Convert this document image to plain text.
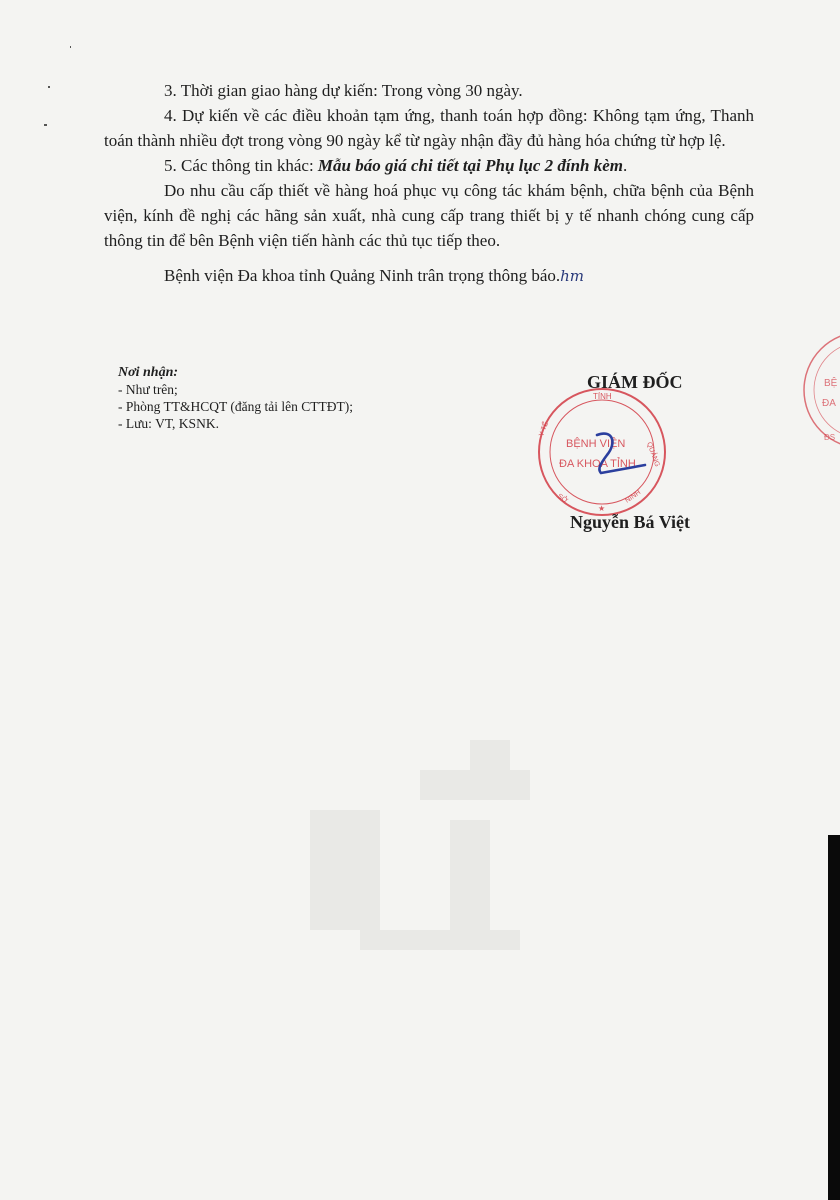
3. Thời gian giao hàng dự kiến: Trong vòng 30 ngày.

4. Dự kiến về các điều khoản tạm ứng, thanh toán hợp đồng: Không tạm ứng, Thanh toán thành nhiều đợt trong vòng 90 ngày kể từ ngày nhận đầy đủ hàng hóa chứng từ hợp lệ.

5. Các thông tin khác: Mẫu báo giá chi tiết tại Phụ lục 2 đính kèm.

Do nhu cầu cấp thiết về hàng hoá phục vụ công tác khám bệnh, chữa bệnh của Bệnh viện, kính đề nghị các hãng sản xuất, nhà cung cấp trang thiết bị y tế nhanh chóng cung cấp thông tin để bên Bệnh viện tiến hành các thủ tục tiếp theo.

Bệnh viện Đa khoa tỉnh Quảng Ninh trân trọng thông báo.hm

Nơi nhận:
- Như trên;
- Phòng TT&HCQT (đăng tải lên CTTĐT);
- Lưu: VT, KSNK.
GIÁM ĐỐC
TỈNH
QUẢNG
Y TẾ
SỞ	NINH
BỆNH VIỆN
ĐA KHOA TỈNH
★
Nguyễn Bá Việt
BỆ
ĐA
ĐS
